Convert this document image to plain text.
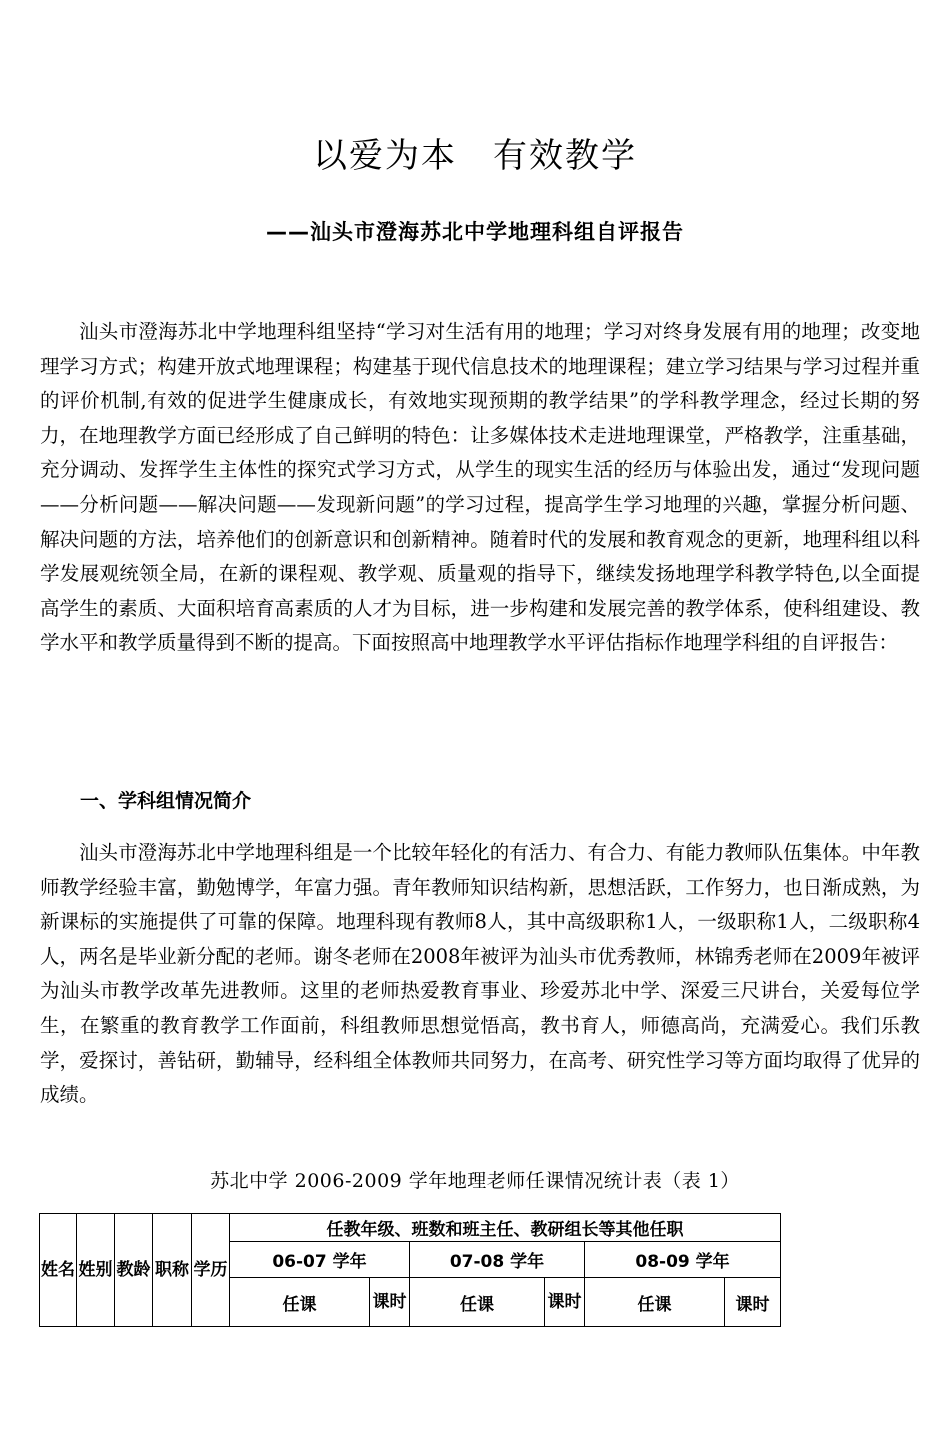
以爱为本　有效教学
——汕头市澄海苏北中学地理科组自评报告

汕头市澄海苏北中学地理科组坚持“学习对生活有用的地理；学习对终身发展有用的地理；改变地理学习方式；构建开放式地理课程；构建基于现代信息技术的地理课程；建立学习结果与学习过程并重的评价机制,有效的促进学生健康成长，有效地实现预期的教学结果”的学科教学理念，经过长期的努力，在地理教学方面已经形成了自己鲜明的特色：让多媒体技术走进地理课堂，严格教学，注重基础，充分调动、发挥学生主体性的探究式学习方式，从学生的现实生活的经历与体验出发，通过“发现问题——分析问题——解决问题——发现新问题”的学习过程，提高学生学习地理的兴趣，掌握分析问题、解决问题的方法，培养他们的创新意识和创新精神。随着时代的发展和教育观念的更新，地理科组以科学发展观统领全局，在新的课程观、教学观、质量观的指导下，继续发扬地理学科教学特色,以全面提高学生的素质、大面积培育高素质的人才为目标，进一步构建和发展完善的教学体系，使科组建设、教学水平和教学质量得到不断的提高。下面按照高中地理教学水平评估指标作地理学科组的自评报告：

一、学科组情况简介

汕头市澄海苏北中学地理科组是一个比较年轻化的有活力、有合力、有能力教师队伍集体。中年教师教学经验丰富，勤勉博学，年富力强。青年教师知识结构新，思想活跃，工作努力，也日渐成熟，为新课标的实施提供了可靠的保障。地理科现有教师8人，其中高级职称1人，一级职称1人，二级职称4人，两名是毕业新分配的老师。谢冬老师在2008年被评为汕头市优秀教师，林锦秀老师在2009年被评为汕头市教学改革先进教师。这里的老师热爱教育事业、珍爱苏北中学、深爱三尺讲台，关爱每位学生，在繁重的教育教学工作面前，科组教师思想觉悟高，教书育人，师德高尚，充满爱心。我们乐教学，爱探讨，善钻研，勤辅导，经科组全体教师共同努力，在高考、研究性学习等方面均取得了优异的成绩。

苏北中学 2006-2009 学年地理老师任课情况统计表（表 1）
姓名	姓别	教龄	职称	学历	任教年级、班数和班主任、教研组长等其他任职					
					06-07 学年		07-08 学年		08-09 学年	
					任课	课时	任课	课时	任课	课时
